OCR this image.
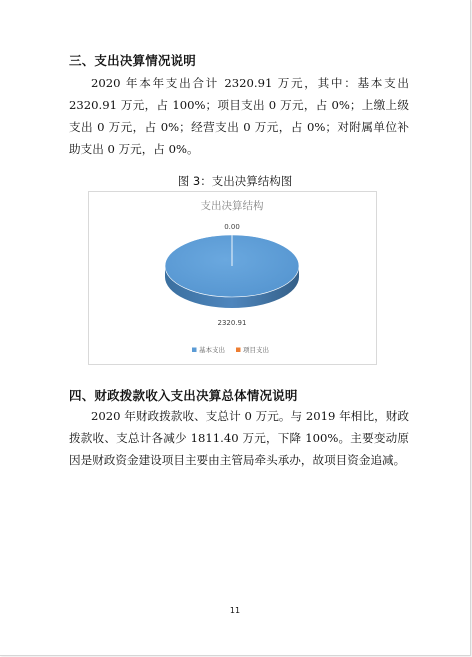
三、支出决算情况说明

2020 年本年支出合计 2320.91 万元，其中：基本支出 2320.91 万元，占 100%；项目支出 0 万元，占 0%；上缴上级支出 0 万元，占 0%；经营支出 0 万元，占 0%；对附属单位补助支出 0 万元，占 0%。

图 3：支出决算结构图
支出决算结构
2320.91
0.00
基本支出	项目支出
四、财政拨款收入支出决算总体情况说明

2020 年财政拨款收、支总计 0 万元。与 2019 年相比，财政拨款收、支总计各减少 1811.40 万元，下降 100%。主要变动原因是财政资金建设项目主要由主管局牵头承办，故项目资金追减。

11
